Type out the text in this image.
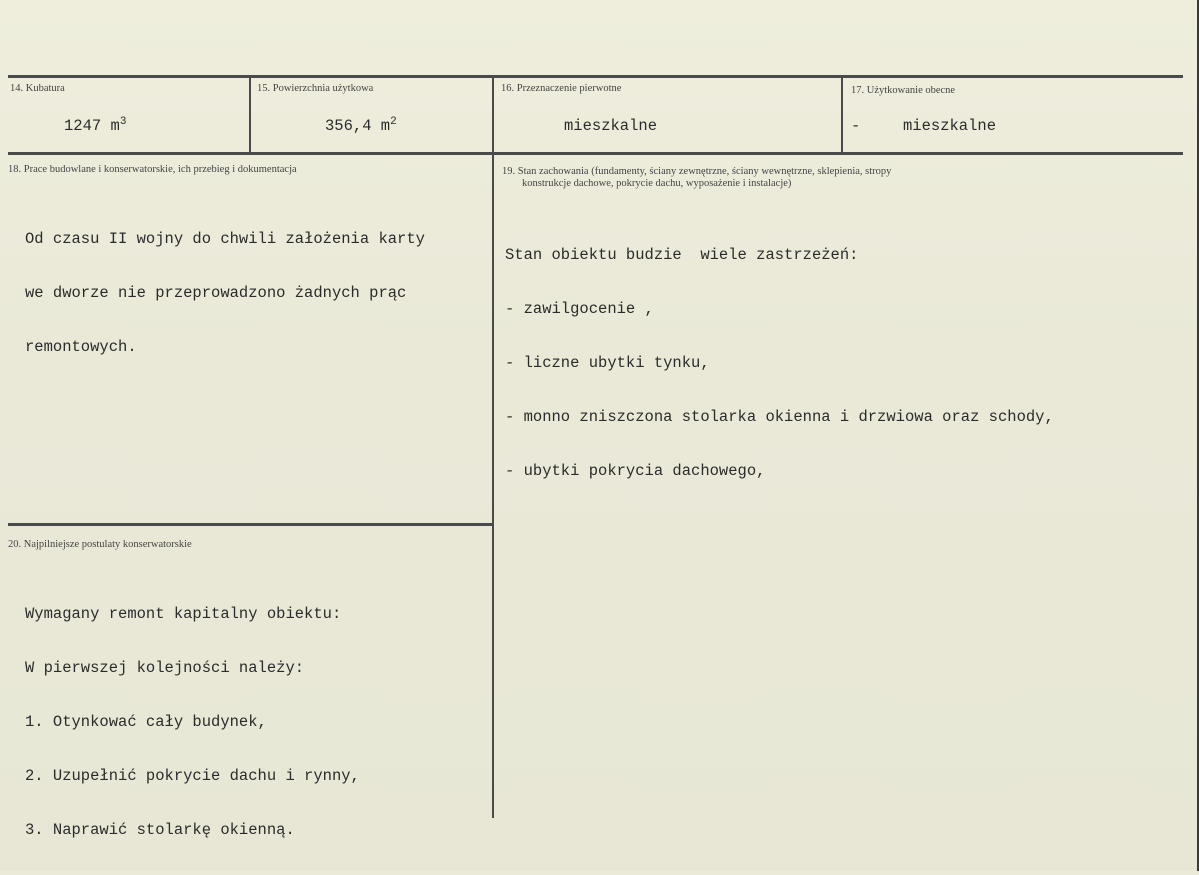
14. Kubatura
1247 $m^3$
15. Powierzchnia użytkowa
356,4 $m^2$
16. Przeznaczenie pierwotne
mieszkalne
17. Użytkowanie obecne
-	mieszkalne
18. Prace budowlane i konserwatorskie, ich przebieg i dokumentacja

Od czasu II wojny do chwili założenia karty

we dworze nie przeprowadzono żadnych prąc

remontowych.

19. Stan zachowania (fundamenty, ściany zewnętrzne, ściany wewnętrzne, sklepienia, stropy
konstrukcje dachowe, pokrycie dachu, wyposażenie i instalacje)

Stan obiektu budzie  wiele zastrzeżeń:

- zawilgocenie ,

- liczne ubytki tynku,

- monno zniszczona stolarka okienna i drzwiowa oraz schody,

- ubytki pokrycia dachowego,

20. Najpilniejsze postulaty konserwatorskie

Wymagany remont kapitalny obiektu:

W pierwszej kolejności należy:

1. Otynkować cały budynek,

2. Uzupełnić pokrycie dachu i rynny,

3. Naprawić stolarkę okienną.
